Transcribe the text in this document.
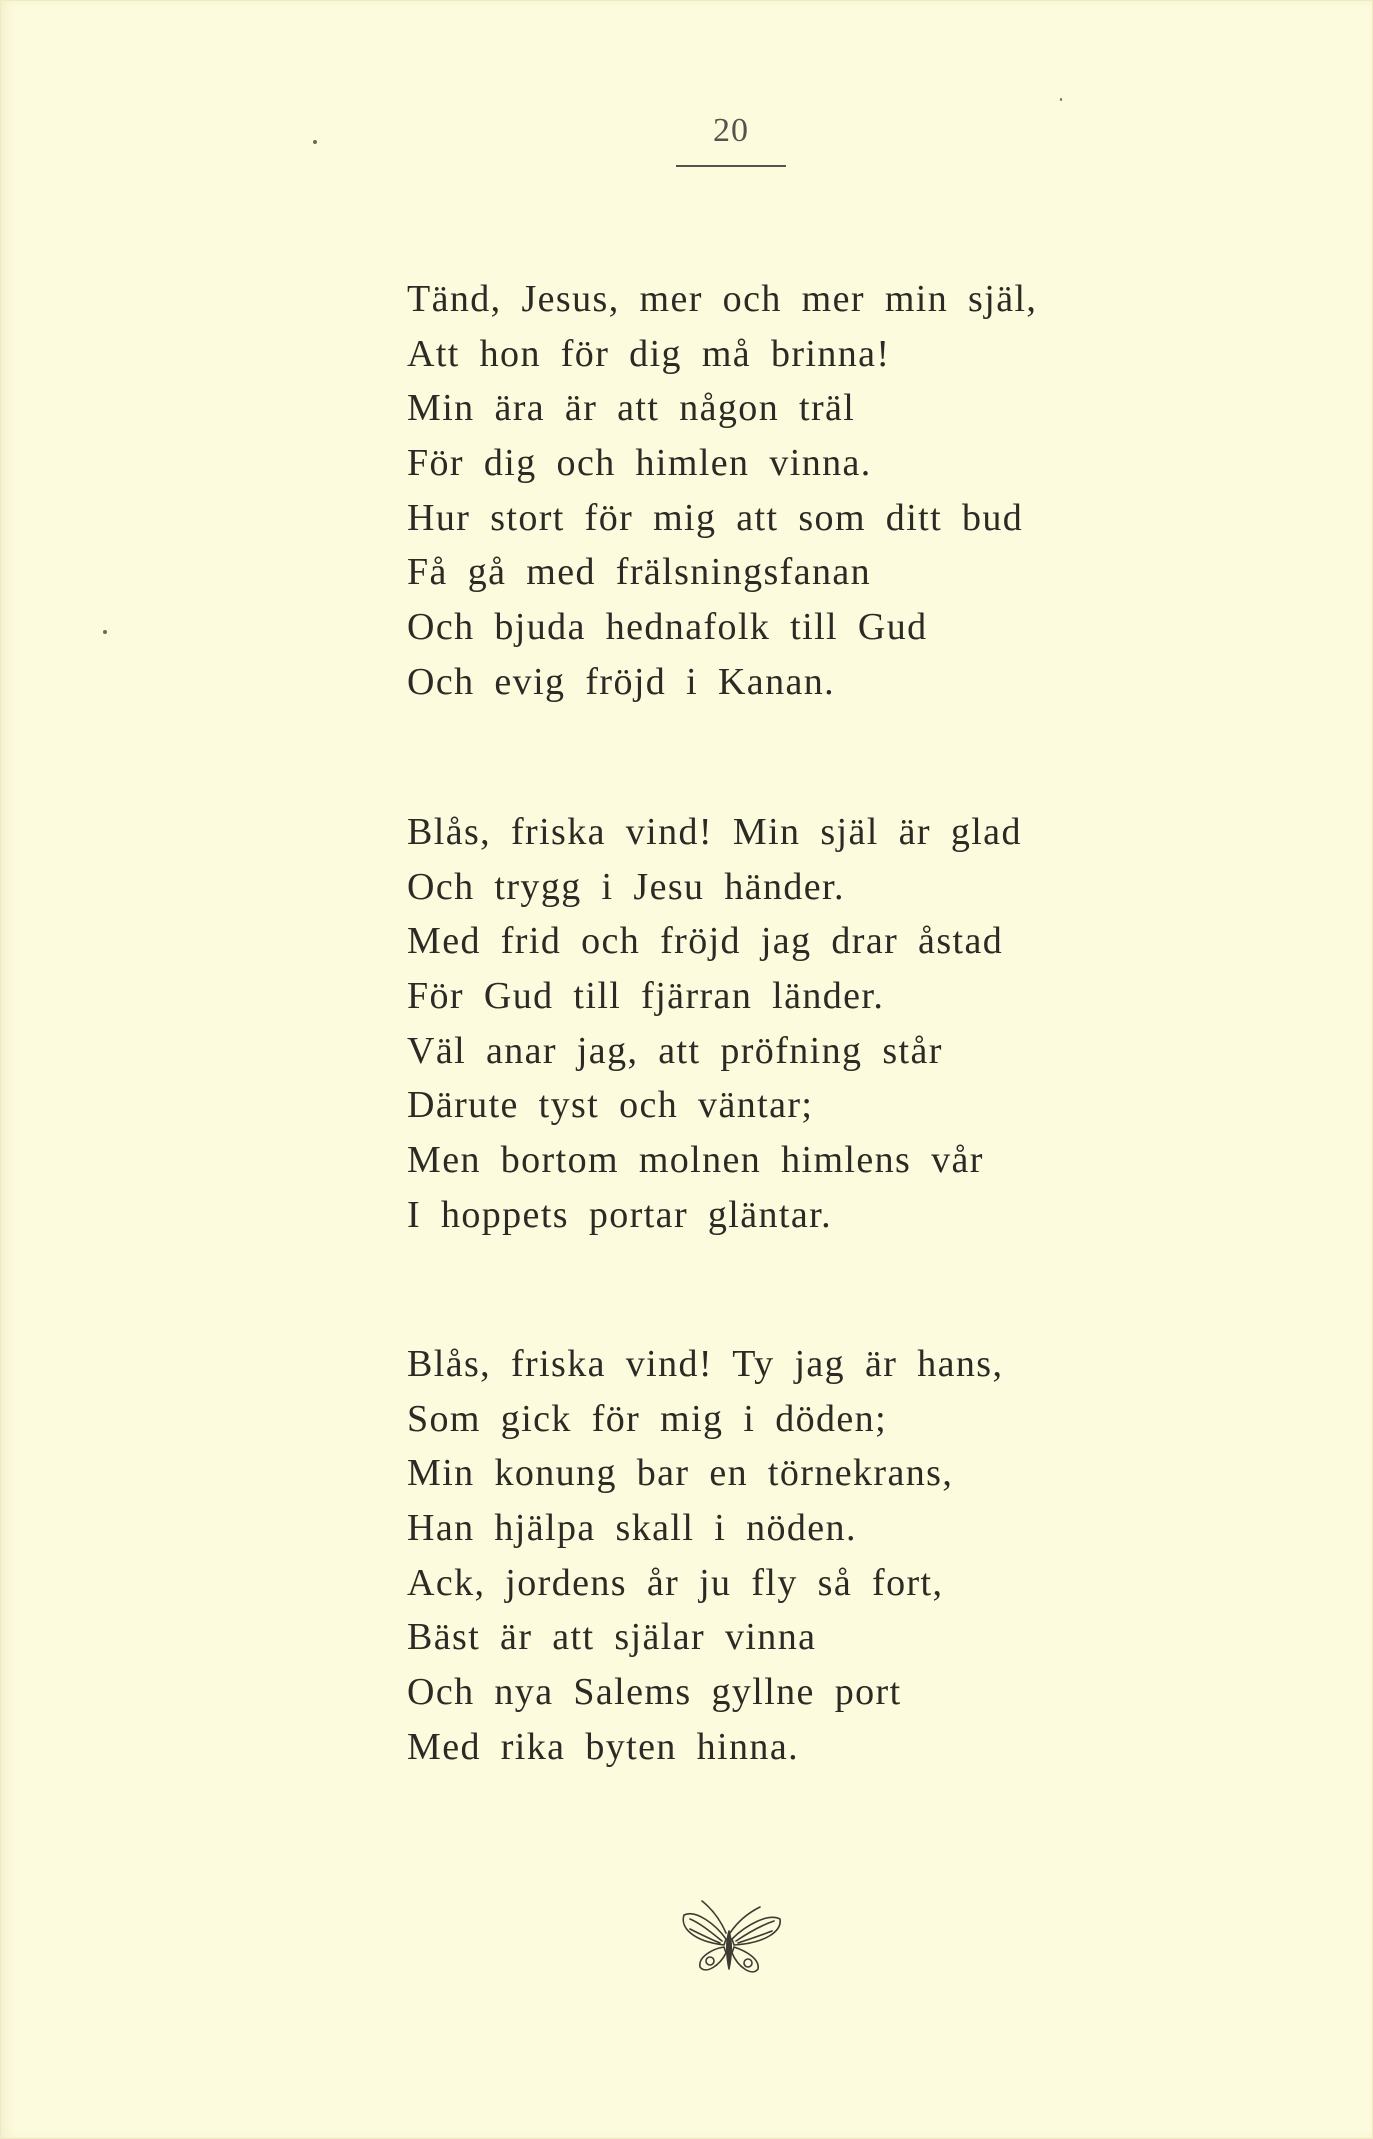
20
Tänd, Jesus, mer och mer min själ,
Att hon för dig må brinna!
Min ära är att någon träl
För dig och himlen vinna.
Hur stort för mig att som ditt bud
Få gå med frälsningsfanan
Och bjuda hednafolk till Gud
Och evig fröjd i Kanan.
Blås, friska vind! Min själ är glad
Och trygg i Jesu händer.
Med frid och fröjd jag drar åstad
För Gud till fjärran länder.
Väl anar jag, att pröfning står
Därute tyst och väntar;
Men bortom molnen himlens vår
I hoppets portar gläntar.
Blås, friska vind! Ty jag är hans,
Som gick för mig i döden;
Min konung bar en törnekrans,
Han hjälpa skall i nöden.
Ack, jordens år ju fly så fort,
Bäst är att själar vinna
Och nya Salems gyllne port
Med rika byten hinna.
